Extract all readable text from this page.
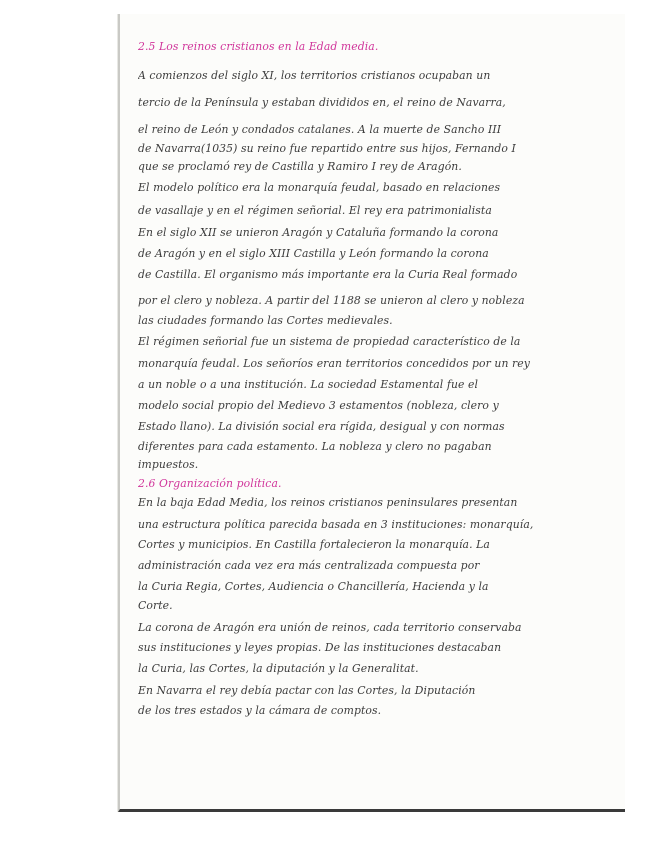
2.5 Los reinos cristianos en la Edad media.
A comienzos del siglo XI, los territorios cristianos ocupaban un
tercio de la Península y estaban divididos en, el reino de Navarra,
el reino de León y condados catalanes. A la muerte de Sancho III
de Navarra(1035) su reino fue repartido entre sus hijos, Fernando I
que se proclamó rey de Castilla y Ramiro I rey de Aragón.
El modelo político era la monarquía feudal, basado en relaciones
de vasallaje y en el régimen señorial. El rey era patrimonialista
En el siglo XII se unieron Aragón y Cataluña formando la corona
de Aragón y en el siglo XIII Castilla y León formando la corona
de Castilla. El organismo más importante era la Curia Real formado
por el clero y nobleza. A partir del 1188 se unieron al clero y nobleza
las ciudades formando las Cortes medievales.
El régimen señorial fue un sistema de propiedad característico de la
monarquía feudal. Los señoríos eran territorios concedidos por un rey
a un noble o a una institución. La sociedad Estamental fue el
modelo social propio del Medievo 3 estamentos (nobleza, clero y
Estado llano). La división social era rígida, desigual y con normas
diferentes para cada estamento. La nobleza y clero no pagaban
impuestos.
2.6 Organización política.
En la baja Edad Media, los reinos cristianos peninsulares presentan
una estructura política parecida basada en 3 instituciones: monarquía,
Cortes y municipios. En Castilla fortalecieron la monarquía. La
administración cada vez era más centralizada compuesta por
la Curia Regia, Cortes, Audiencia o Chancillería, Hacienda y la
Corte.
La corona de Aragón era unión de reinos, cada territorio conservaba
sus instituciones y leyes propias. De las instituciones destacaban
la Curia, las Cortes, la diputación y la Generalitat.
En Navarra el rey debía pactar con las Cortes, la Diputación
de los tres estados y la cámara de comptos.
